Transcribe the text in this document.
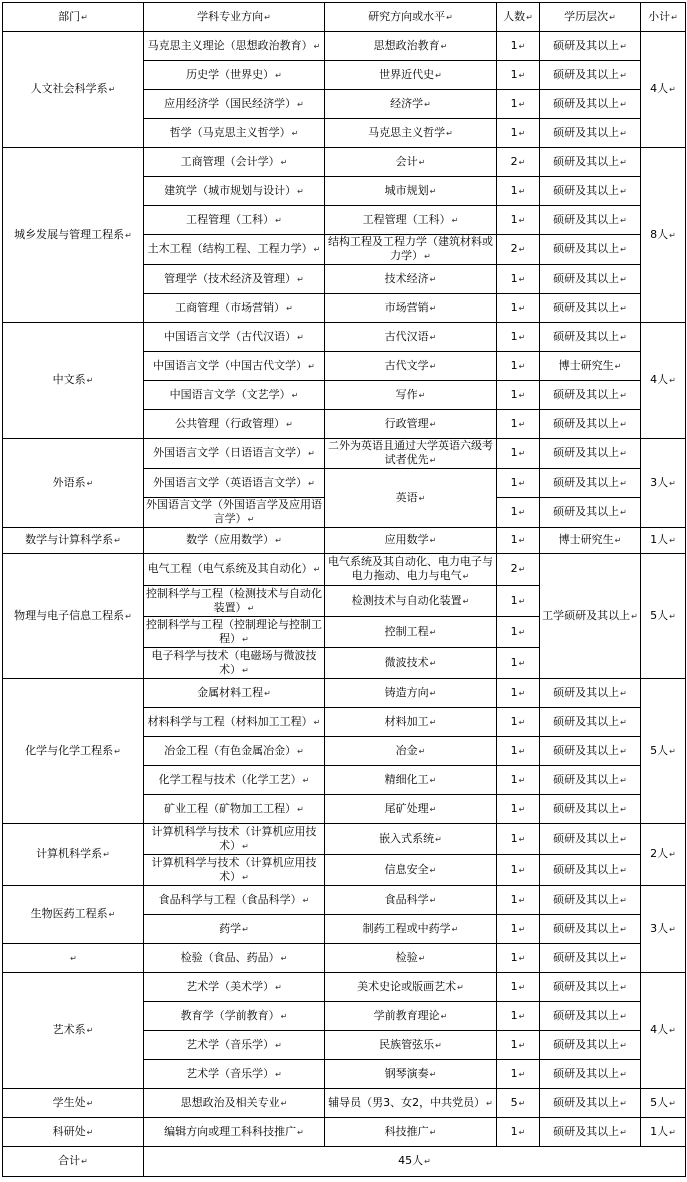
部门 ↵	学科专业方向 ↵	研究方向或水平 ↵	人数 ↵	学历层次 ↵	小计 ↵
人文社会科学系 ↵	马克思主义理论（思想政治教育） ↵	思想政治教育 ↵	1 ↵	硕研及其以上 ↵	4人 ↵
	历史学（世界史） ↵	世界近代史 ↵	1 ↵	硕研及其以上 ↵
	应用经济学（国民经济学） ↵	经济学 ↵	1 ↵	硕研及其以上 ↵
	哲学（马克思主义哲学） ↵	马克思主义哲学 ↵	1 ↵	硕研及其以上 ↵
城乡发展与管理工程系 ↵	工商管理（会计学） ↵	会计 ↵	2 ↵	硕研及其以上 ↵	8人 ↵
	建筑学（城市规划与设计） ↵	城市规划 ↵	1 ↵	硕研及其以上 ↵
	工程管理（工科） ↵	工程管理（工科） ↵	1 ↵	硕研及其以上 ↵
	土木工程（结构工程、工程力学） ↵	结构工程及工程力学（建筑材料或力学） ↵	2 ↵	硕研及其以上 ↵
	管理学（技术经济及管理） ↵	技术经济 ↵	1 ↵	硕研及其以上 ↵
	工商管理（市场营销） ↵	市场营销 ↵	1 ↵	硕研及其以上 ↵
中文系 ↵	中国语言文学（古代汉语） ↵	古代汉语 ↵	1 ↵	硕研及其以上 ↵	4人 ↵
	中国语言文学（中国古代文学） ↵	古代文学 ↵	1 ↵	博士研究生 ↵
	中国语言文学（文艺学） ↵	写作 ↵	1 ↵	硕研及其以上 ↵
	公共管理（行政管理） ↵	行政管理 ↵	1 ↵	硕研及其以上 ↵
外语系 ↵	外国语言文学（日语语言文学） ↵	二外为英语且通过大学英语六级考试者优先 ↵	1 ↵	硕研及其以上 ↵	3人 ↵
	外国语言文学（英语语言文学） ↵	英语 ↵	1 ↵	硕研及其以上 ↵
	外国语言文学（外国语言学及应用语言学） ↵		1 ↵	硕研及其以上 ↵
数学与计算科学系 ↵	数学（应用数学） ↵	应用数学 ↵	1 ↵	博士研究生 ↵	1人 ↵
物理与电子信息工程系 ↵	电气工程（电气系统及其自动化） ↵	电气系统及其自动化、电力电子与电力拖动、电力与电气 ↵	2 ↵	工学硕研及其以上 ↵	5人 ↵
	控制科学与工程（检测技术与自动化装置） ↵	检测技术与自动化装置 ↵	1 ↵
	控制科学与工程（控制理论与控制工程） ↵	控制工程 ↵	1 ↵
	电子科学与技术（电磁场与微波技术） ↵	微波技术 ↵	1 ↵
化学与化学工程系 ↵	金属材料工程 ↵	铸造方向 ↵	1 ↵	硕研及其以上 ↵	5人 ↵
	材料科学与工程（材料加工工程） ↵	材料加工 ↵	1 ↵	硕研及其以上 ↵
	冶金工程（有色金属冶金） ↵	冶金 ↵	1 ↵	硕研及其以上 ↵
	化学工程与技术（化学工艺） ↵	精细化工 ↵	1 ↵	硕研及其以上 ↵
	矿业工程（矿物加工工程） ↵	尾矿处理 ↵	1 ↵	硕研及其以上 ↵
计算机科学系 ↵	计算机科学与技术（计算机应用技术） ↵	嵌入式系统 ↵	1 ↵	硕研及其以上 ↵	2人 ↵
	计算机科学与技术（计算机应用技术） ↵	信息安全 ↵	1 ↵	硕研及其以上 ↵
生物医药工程系 ↵	食品科学与工程（食品科学） ↵	食品科学 ↵	1 ↵	硕研及其以上 ↵	3人 ↵
	药学 ↵	制药工程或中药学 ↵	1 ↵	硕研及其以上 ↵
↵	检验（食品、药品） ↵	检验 ↵	1 ↵	硕研及其以上 ↵
艺术系 ↵	艺术学（美术学） ↵	美术史论或版画艺术 ↵	1 ↵	硕研及其以上 ↵	4人 ↵
	教育学（学前教育） ↵	学前教育理论 ↵	1 ↵	硕研及其以上 ↵
	艺术学（音乐学） ↵	民族管弦乐 ↵	1 ↵	硕研及其以上 ↵
	艺术学（音乐学） ↵	钢琴演奏 ↵	1 ↵	硕研及其以上 ↵
学生处 ↵	思想政治及相关专业 ↵	辅导员（男3、女2，中共党员） ↵	5 ↵	硕研及其以上 ↵	5人 ↵
科研处 ↵	编辑方向或理工科科技推广 ↵	科技推广 ↵	1 ↵	硕研及其以上 ↵	1人 ↵
合计 ↵	45人 ↵
